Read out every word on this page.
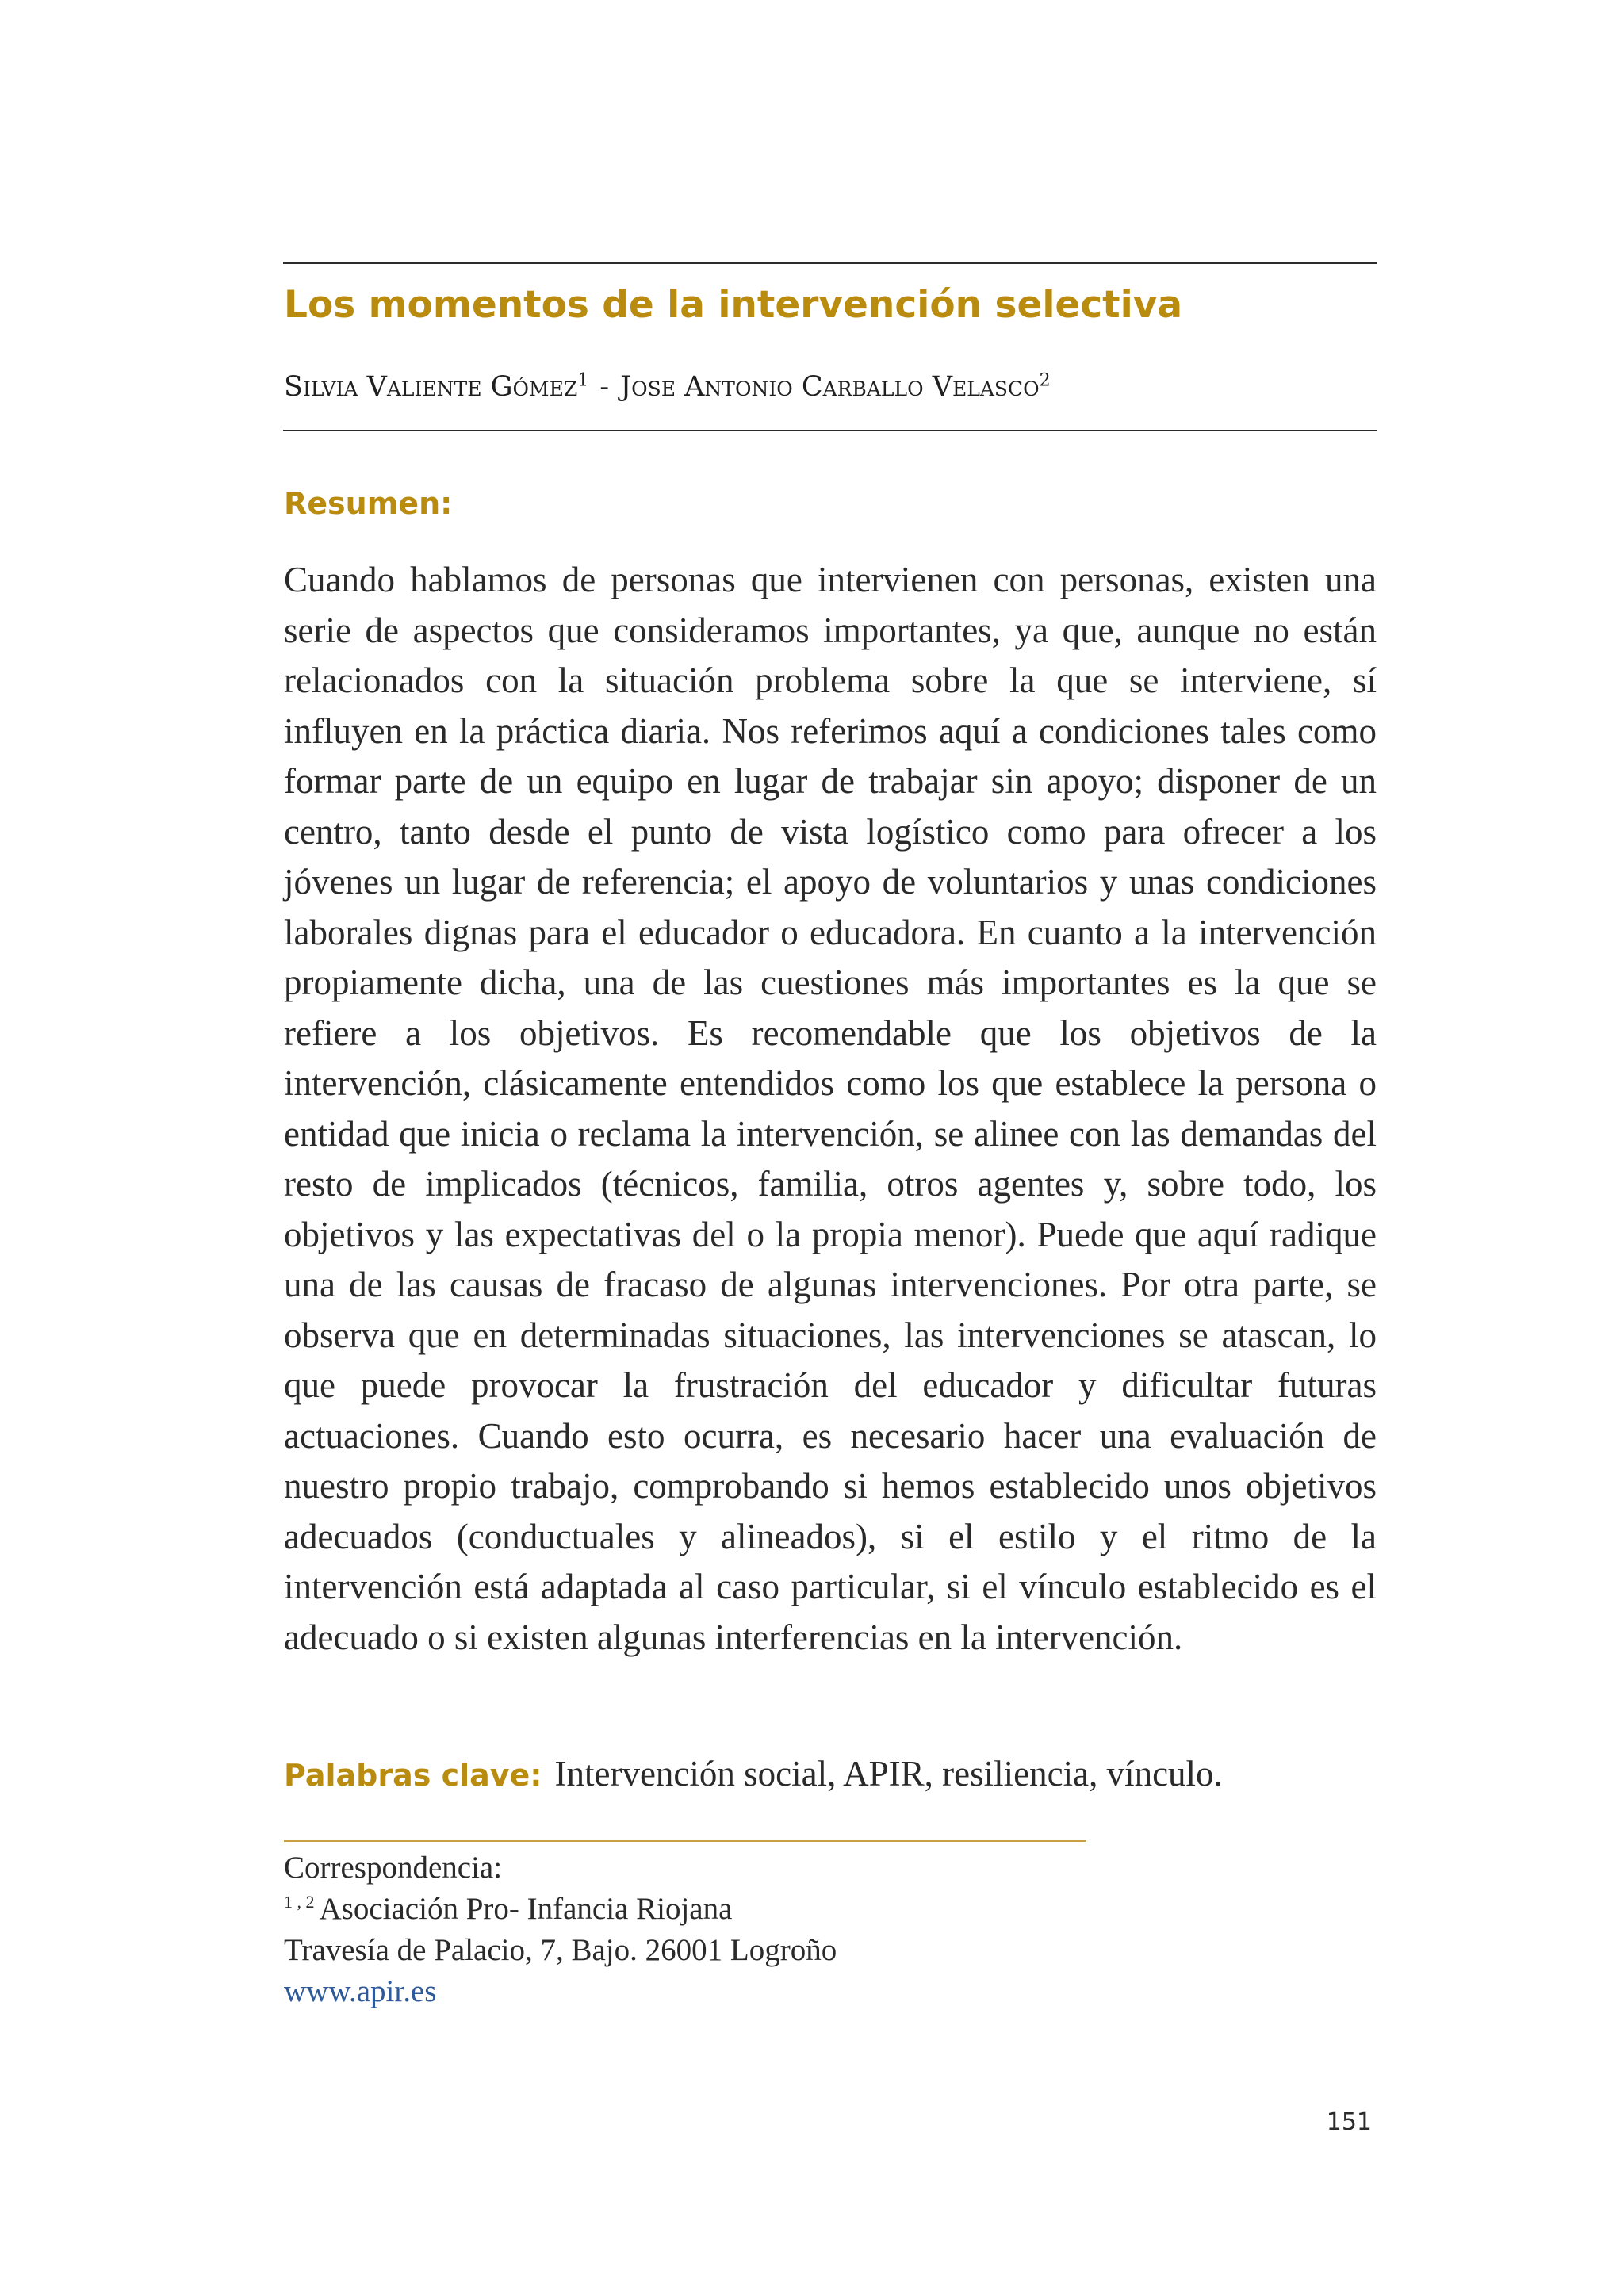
Los momentos de la intervención selectiva
Silvia Valiente Gómez$^1$ - Jose Antonio Carballo Velasco$^2$
Resumen:

Cuando hablamos de personas que intervienen con personas, existen una serie de aspectos que consideramos importantes, ya que, aunque no están relacionados con la situación problema sobre la que se interviene, sí influyen en la práctica diaria. Nos referimos aquí a condiciones tales como formar parte de un equipo en lugar de trabajar sin apoyo; disponer de un centro, tanto desde el punto de vista logístico como para ofrecer a los jóvenes un lugar de referencia; el apoyo de voluntarios y unas condiciones laborales dignas para el educador o educadora. En cuanto a la intervención propiamente dicha, una de las cuestiones más importantes es la que se refiere a los objetivos. Es recomendable que los objetivos de la intervención, clásicamente entendidos como los que establece la persona o entidad que inicia o reclama la intervención, se alinee con las demandas del resto de implicados (técnicos, familia, otros agentes y, sobre todo, los objetivos y las expectativas del o la propia menor). Puede que aquí radique una de las causas de fracaso de algunas intervenciones. Por otra parte, se observa que en determinadas situaciones, las intervenciones se atascan, lo que puede provocar la frustración del educador y dificultar futuras actuaciones. Cuando esto ocurra, es necesario hacer una evaluación de nuestro propio trabajo, comprobando si hemos establecido unos objetivos adecuados (conductuales y alineados), si el estilo y el ritmo de la intervención está adaptada al caso particular, si el vínculo establecido es el adecuado o si existen algunas interferencias en la intervención.

Palabras clave: Intervención social, APIR, resiliencia, vínculo.
Correspondencia:
$^{1 , 2}$ Asociación Pro- Infancia Riojana
Travesía de Palacio, 7, Bajo. 26001 Logroño
www.apir.es
151
